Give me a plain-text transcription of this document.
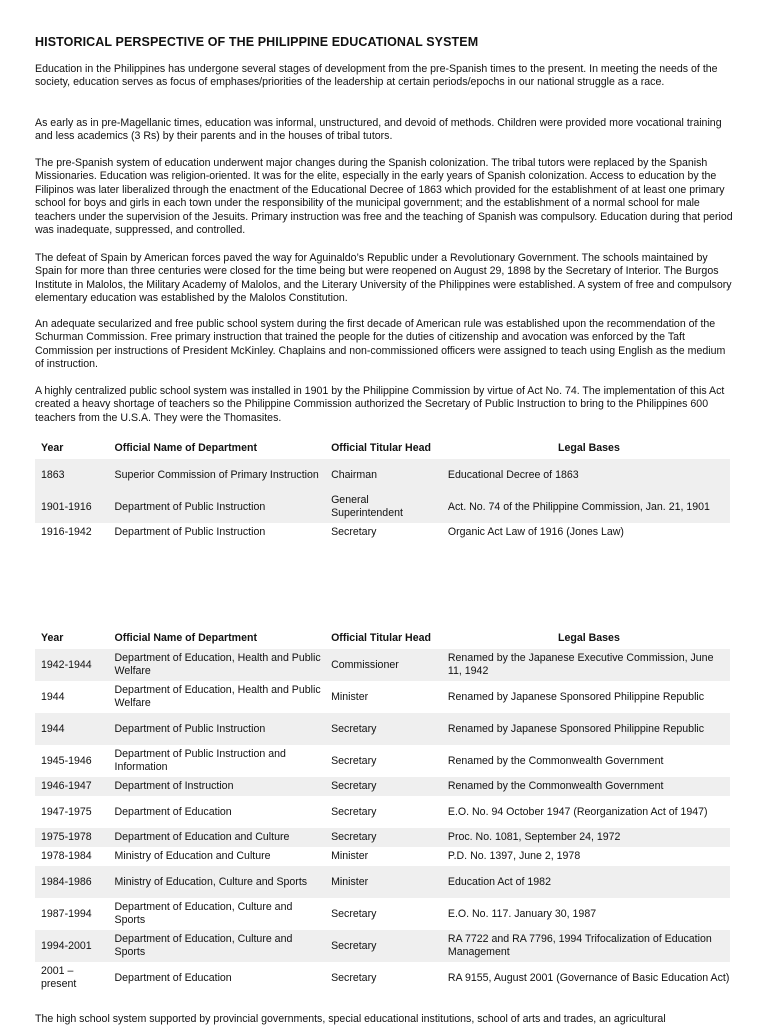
HISTORICAL PERSPECTIVE OF THE PHILIPPINE EDUCATIONAL SYSTEM

Education in the Philippines has undergone several stages of development from the pre-Spanish times to the present. In meeting the needs of the society, education serves as focus of emphases/priorities of the leadership at certain periods/epochs in our national struggle as a race.

As early as in pre-Magellanic times, education was informal, unstructured, and devoid of methods. Children were provided more vocational training and less academics (3 Rs) by their parents and in the houses of tribal tutors.

The pre-Spanish system of education underwent major changes during the Spanish colonization. The tribal tutors were replaced by the Spanish Missionaries. Education was religion-oriented. It was for the elite, especially in the early years of Spanish colonization. Access to education by the Filipinos was later liberalized through the enactment of the Educational Decree of 1863 which provided for the establishment of at least one primary school for boys and girls in each town under the responsibility of the municipal government; and the establishment of a normal school for male teachers under the supervision of the Jesuits. Primary instruction was free and the teaching of Spanish was compulsory. Education during that period was inadequate, suppressed, and controlled.

The defeat of Spain by American forces paved the way for Aguinaldo’s Republic under a Revolutionary Government. The schools maintained by Spain for more than three centuries were closed for the time being but were reopened on August 29, 1898 by the Secretary of Interior. The Burgos Institute in Malolos, the Military Academy of Malolos, and the Literary University of the Philippines were established. A system of free and compulsory elementary education was established by the Malolos Constitution.

An adequate secularized and free public school system during the first decade of American rule was established upon the recommendation of the Schurman Commission. Free primary instruction that trained the people for the duties of citizenship and avocation was enforced by the Taft Commission per instructions of President McKinley. Chaplains and non-commissioned officers were assigned to teach using English as the medium of instruction.

A highly centralized public school system was installed in 1901 by the Philippine Commission by virtue of Act No. 74. The implementation of this Act created a heavy shortage of teachers so the Philippine Commission authorized the Secretary of Public Instruction to bring to the Philippines 600 teachers from the U.S.A. They were the Thomasites.

Year	Official Name of Department	Official Titular Head	Legal Bases
1863	Superior Commission of Primary Instruction	Chairman	Educational Decree of 1863
1901-1916	Department of Public Instruction	General Superintendent	Act. No. 74 of the Philippine Commission, Jan. 21, 1901
1916-1942	Department of Public Instruction	Secretary	Organic Act Law of 1916 (Jones Law)
Year	Official Name of Department	Official Titular Head	Legal Bases
1942-1944	Department of Education, Health and Public Welfare	Commissioner	Renamed by the Japanese Executive Commission, June 11, 1942
1944	Department of Education, Health and Public Welfare	Minister	Renamed by Japanese Sponsored Philippine Republic
1944	Department of Public Instruction	Secretary	Renamed by Japanese Sponsored Philippine Republic
1945-1946	Department of Public Instruction and Information	Secretary	Renamed by the Commonwealth Government
1946-1947	Department of Instruction	Secretary	Renamed by the Commonwealth Government
1947-1975	Department of Education	Secretary	E.O. No. 94 October 1947 (Reorganization Act of 1947)
1975-1978	Department of Education and Culture	Secretary	Proc. No. 1081, September 24, 1972
1978-1984	Ministry of Education and Culture	Minister	P.D. No. 1397, June 2, 1978
1984-1986	Ministry of Education, Culture and Sports	Minister	Education Act of 1982
1987-1994	Department of Education, Culture and Sports	Secretary	E.O. No. 117. January 30, 1987
1994-2001	Department of Education, Culture and Sports	Secretary	RA 7722 and RA 7796, 1994 Trifocalization of Education Management
2001 – present	Department of Education	Secretary	RA 9155, August 2001 (Governance of Basic Education Act)
The high school system supported by provincial governments, special educational institutions, school of arts and trades, an agricultural
